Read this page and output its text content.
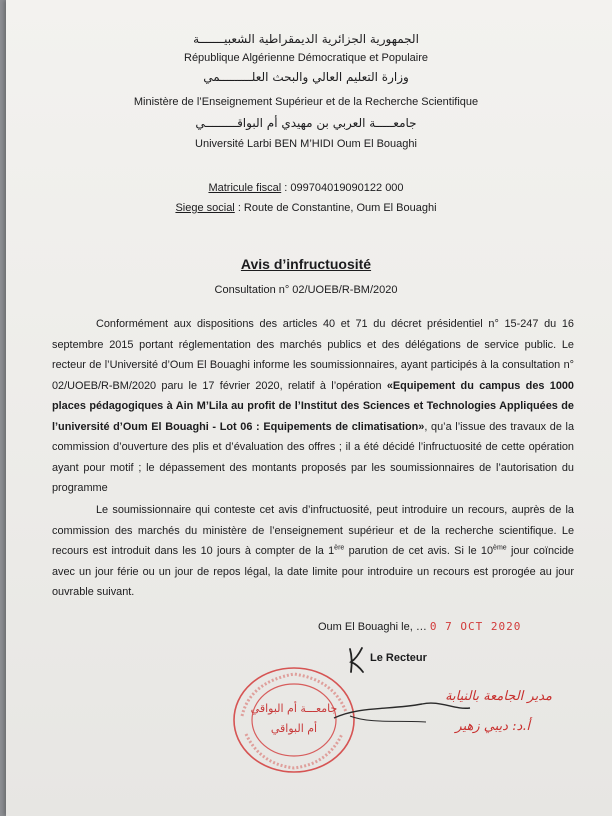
الجمهورية الجزائرية الديمقراطية الشعبيـــــــة
République Algérienne Démocratique et Populaire
وزارة التعليم العالي والبحث العلـــــــــمي
Ministère de l’Enseignement Supérieur et de la Recherche Scientifique
جامعـــــة العربي بن مهيدي أم البواقـــــــــي
Université Larbi BEN M’HIDI Oum El Bouaghi
Matricule fiscal : 099704019090122 000
Siege social : Route de Constantine, Oum El Bouaghi
Avis d’infructuosité
Consultation n° 02/UOEB/R-BM/2020
Conformément aux dispositions des articles 40 et 71 du décret présidentiel n° 15-247 du 16 septembre 2015 portant réglementation des marchés publics et des délégations de service public. Le recteur de l’Université d’Oum El Bouaghi informe les soumissionnaires, ayant participés à la consultation n° 02/UOEB/R-BM/2020 paru le 17 février 2020, relatif à l’opération «Equipement du campus des 1000 places pédagogiques à Ain M’Lila au profit de l’Institut des Sciences et Technologies Appliquées de l’université d’Oum El Bouaghi - Lot 06 : Equipements de climatisation», qu’a l’issue des travaux de la commission d’ouverture des plis et d’évaluation des offres ; il a été décidé l’infructuosité de cette opération ayant pour motif ; le dépassement des montants proposés par les soumissionnaires de l’autorisation du programme
Le soumissionnaire qui conteste cet avis d’infructuosité, peut introduire un recours, auprès de la commission des marchés du ministère de l’enseignement supérieur et de la recherche scientifique. Le recours est introduit dans les 10 jours à compter de la 1ère parution de cet avis. Si le 10ème jour coïncide avec un jour férie ou un jour de repos légal, la date limite pour introduire un recours est prorogée au jour ouvrable suivant.
Oum El Bouaghi le, … 0 7 OCT 2020
Le Recteur
جامعـــة أم البواقي
أم البواقي
مدير الجامعة بالنيابة
أ.د: ديبي زهير
